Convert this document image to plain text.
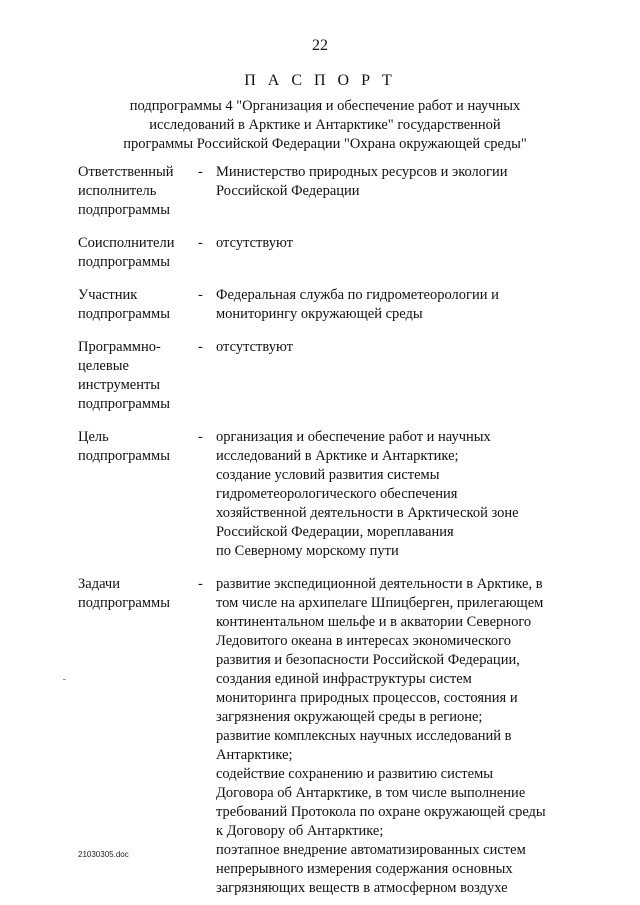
22
П А С П О Р Т
подпрограммы 4 "Организация и обеспечение работ и научных
исследований в Арктике и Антарктике" государственной
программы Российской Федерации "Охрана окружающей среды"
Ответственный
исполнитель
подпрограммы
- Министерство природных ресурсов и экологии
Российской Федерации
Соисполнители
подпрограммы
- отсутствуют
Участник
подпрограммы
- Федеральная служба по гидрометеорологии и
мониторингу окружающей среды
Программно-
целевые
инструменты
подпрограммы
- отсутствуют
Цель
подпрограммы
- организация и обеспечение работ и научных
исследований в Арктике и Антарктике;
создание условий развития системы
гидрометеорологического обеспечения
хозяйственной деятельности в Арктической зоне
Российской Федерации, мореплавания
по Северному морскому пути
Задачи
подпрограммы
- развитие экспедиционной деятельности в Арктике, в
том числе на архипелаге Шпицберген, прилегающем
континентальном шельфе и в акватории Северного
Ледовитого океана в интересах экономического
развития и безопасности Российской Федерации,
создания единой инфраструктуры систем
мониторинга природных процессов, состояния и
загрязнения окружающей среды в регионе;
развитие комплексных научных исследований в
Антарктике;
содействие сохранению и развитию системы
Договора об Антарктике, в том числе выполнение
требований Протокола по охране окружающей среды
к Договору об Антарктике;
поэтапное внедрение автоматизированных систем
непрерывного измерения содержания основных
загрязняющих веществ в атмосферном воздухе
21030305.doc
